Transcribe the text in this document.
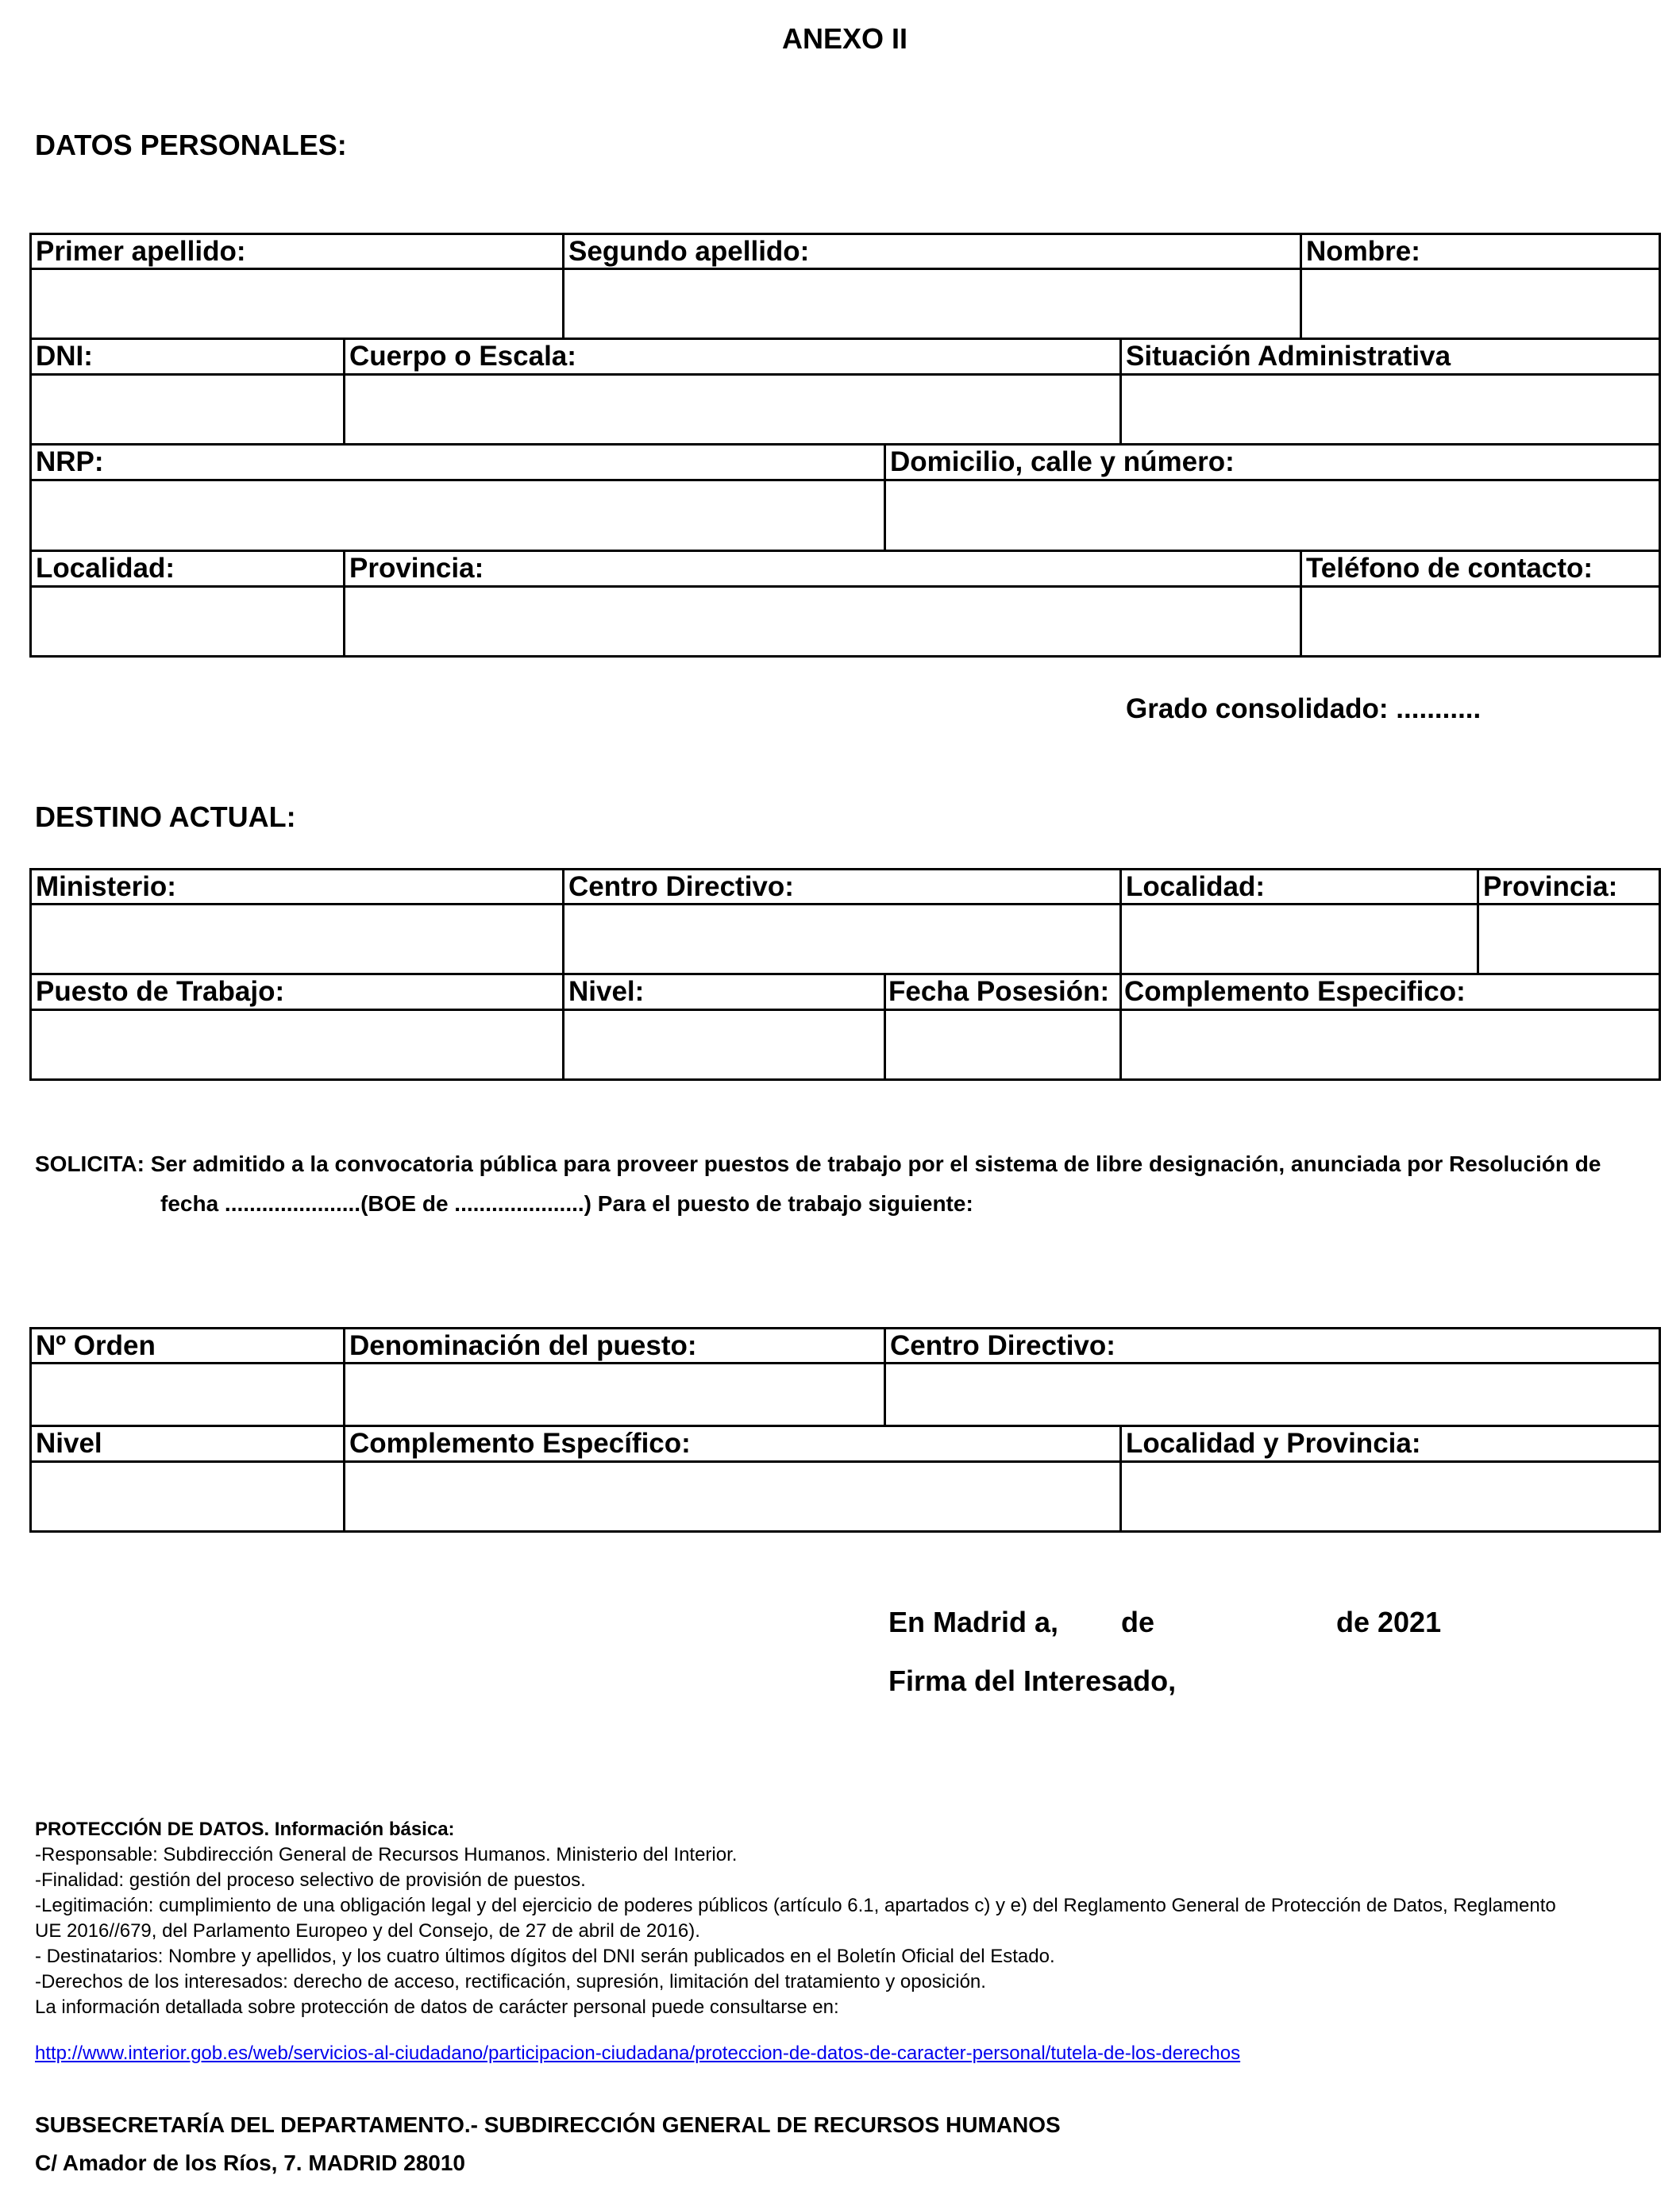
ANEXO II
DATOS PERSONALES:
Primer apellido:	Segundo apellido:	Nombre:
DNI:	Cuerpo o Escala:	Situación Administrativa
NRP:	Domicilio, calle y número:
Localidad:	Provincia:	Teléfono de contacto:
Grado consolidado: ...........
DESTINO ACTUAL:
Ministerio:	Centro Directivo:	Localidad:	Provincia:
Puesto de Trabajo:	Nivel:	Fecha Posesión: Complemento Especifico:
SOLICITA: Ser admitido a la convocatoria pública para proveer puestos de trabajo por el sistema de libre designación, anunciada por Resolución de
fecha ......................(BOE de .....................) Para el puesto de trabajo siguiente:
Nº Orden	Denominación del puesto:	Centro Directivo:
Nivel	Complemento Específico:	Localidad y Provincia:
En Madrid a, de	de 2021
Firma del Interesado,
PROTECCIÓN DE DATOS. Información básica:
-Responsable: Subdirección General de Recursos Humanos. Ministerio del Interior.
-Finalidad: gestión del proceso selectivo de provisión de puestos.
-Legitimación: cumplimiento de una obligación legal y del ejercicio de poderes públicos (artículo 6.1, apartados c) y e) del Reglamento General de Protección de Datos, Reglamento
UE 2016//679, del Parlamento Europeo y del Consejo, de 27 de abril de 2016).
- Destinatarios: Nombre y apellidos, y los cuatro últimos dígitos del DNI serán publicados en el Boletín Oficial del Estado.
-Derechos de los interesados: derecho de acceso, rectificación, supresión, limitación del tratamiento y oposición.
La información detallada sobre protección de datos de carácter personal puede consultarse en:
http://www.interior.gob.es/web/servicios-al-ciudadano/participacion-ciudadana/proteccion-de-datos-de-caracter-personal/tutela-de-los-derechos
SUBSECRETARÍA DEL DEPARTAMENTO.- SUBDIRECCIÓN GENERAL DE RECURSOS HUMANOS
C/ Amador de los Ríos, 7. MADRID 28010
